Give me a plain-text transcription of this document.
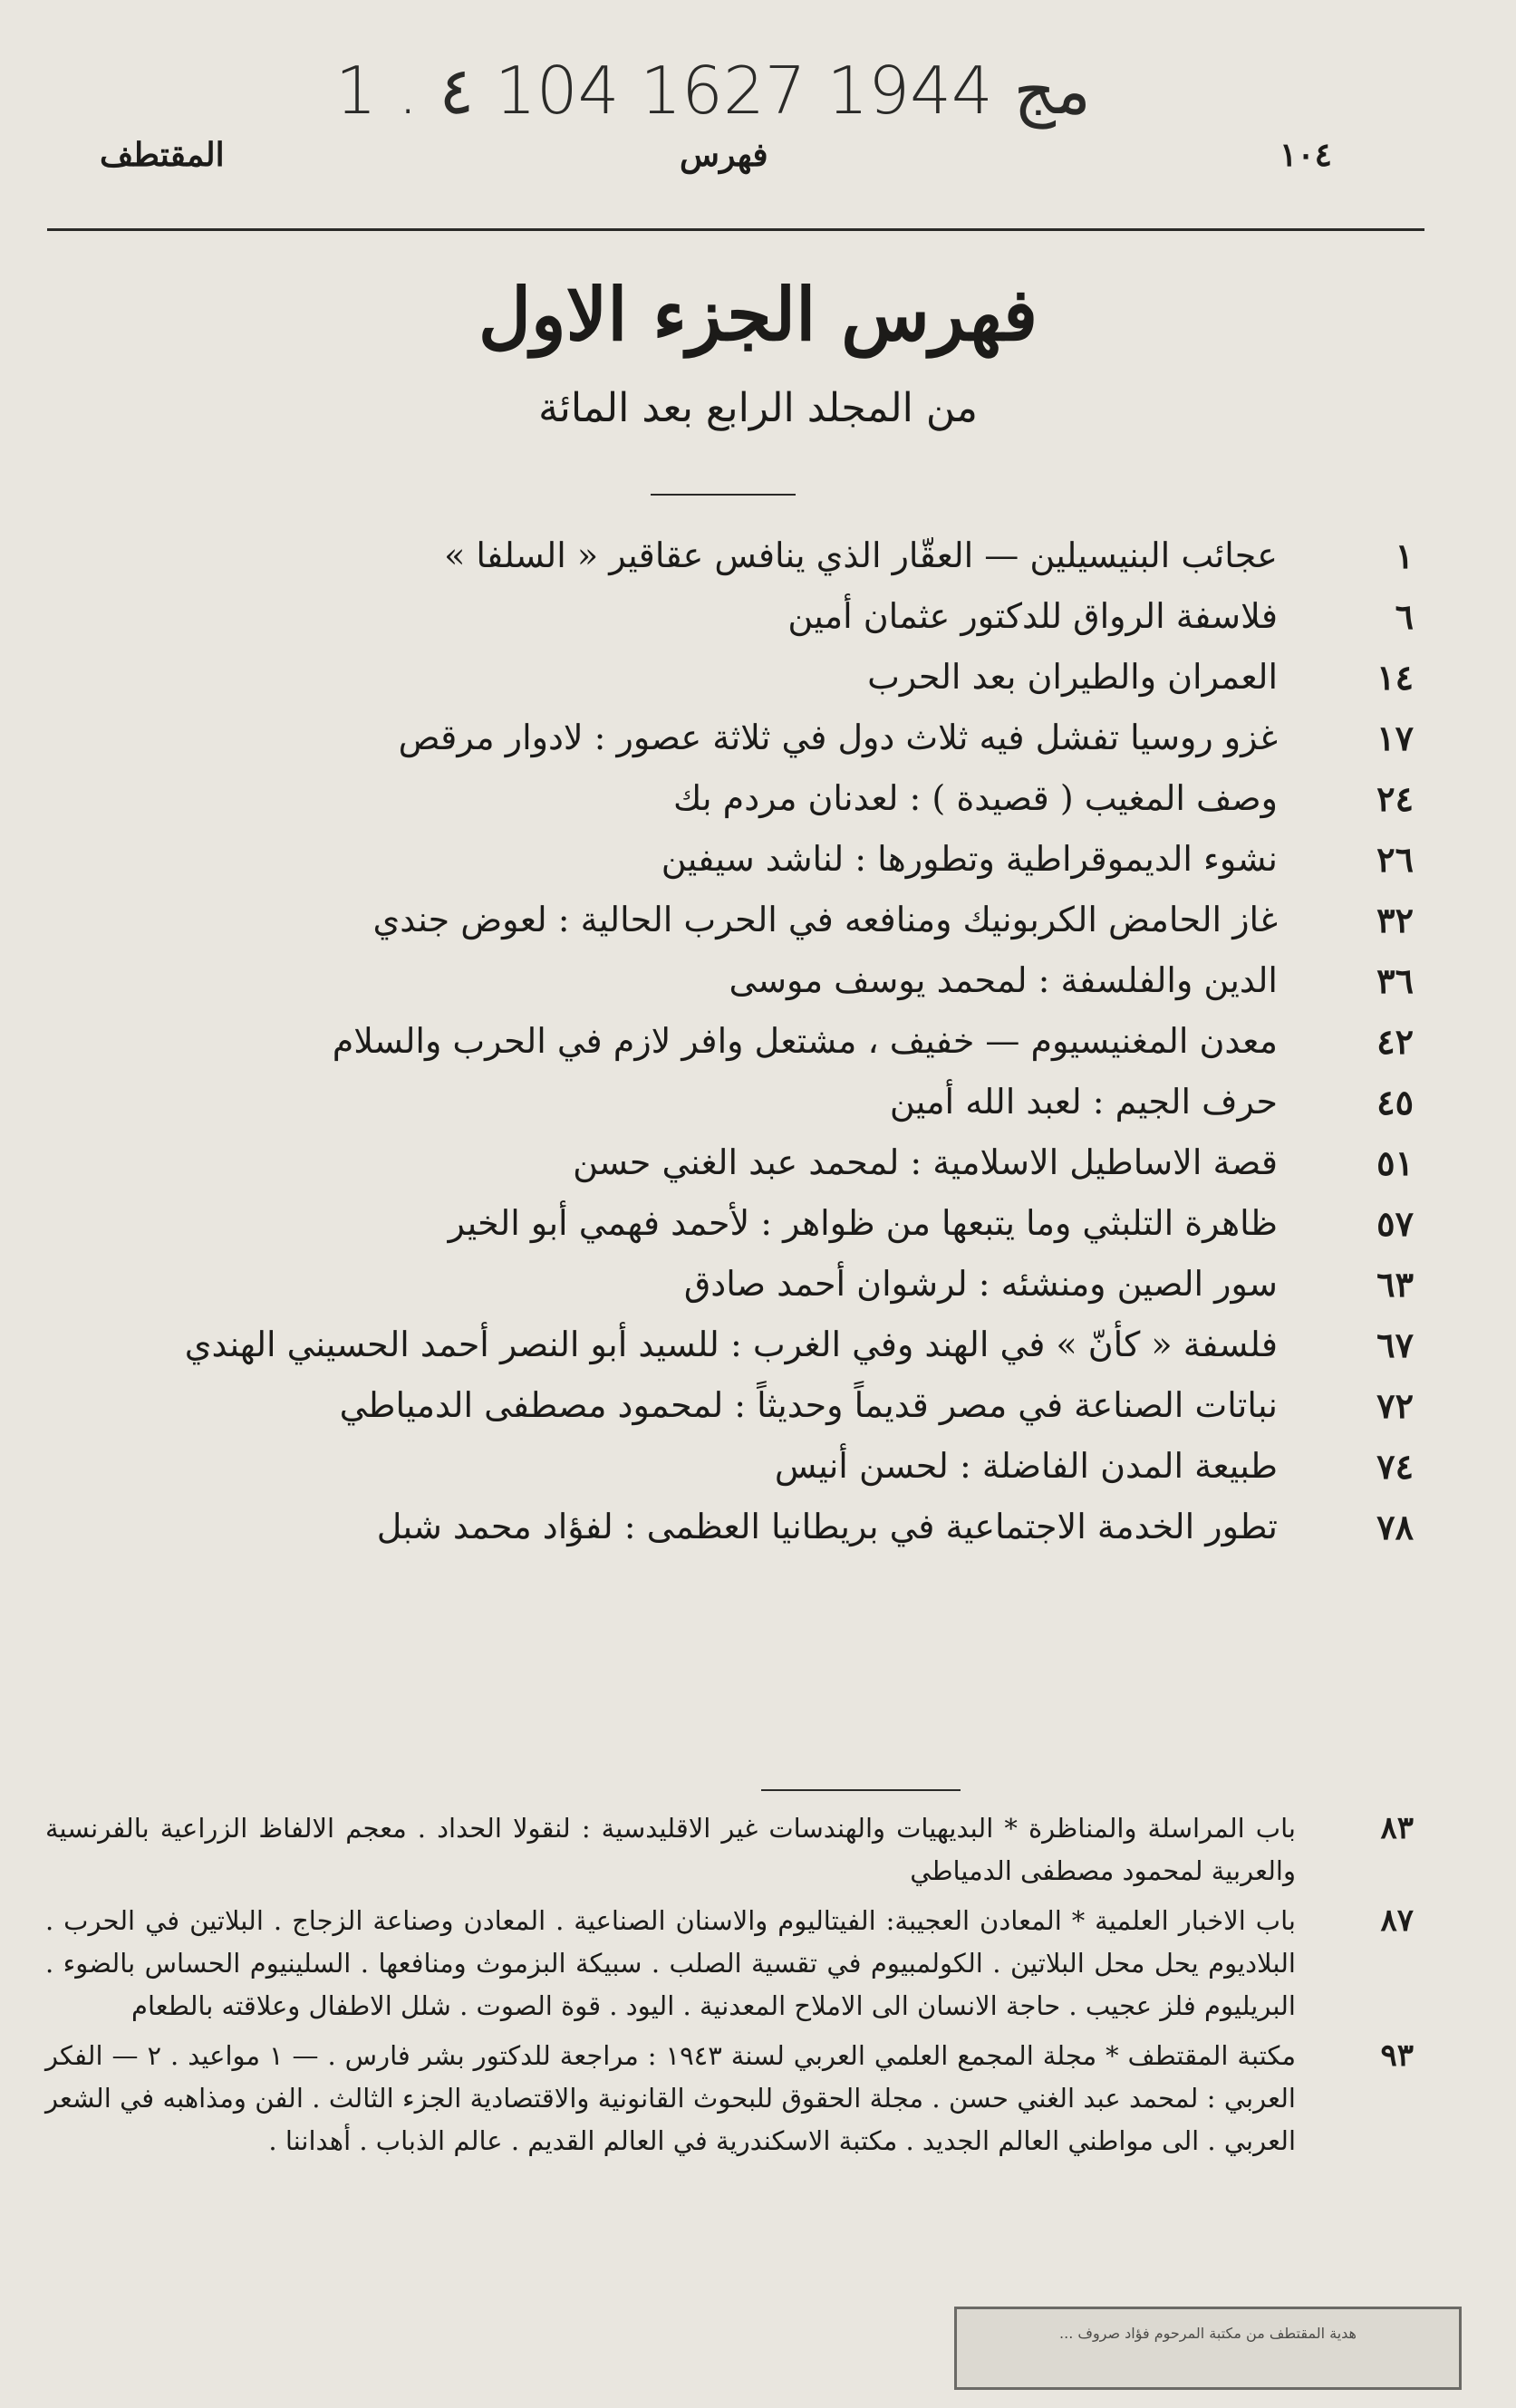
1 . ٤ 104 مج 1944 1627
١٠٤
فهرس
المقتطف
فهرس الجزء الاول
من المجلد الرابع بعد المائة
١
عجائب البنيسيلين — العقّار الذي ينافس عقاقير « السلفا »
٦
فلاسفة الرواق للدكتور عثمان أمين
١٤
العمران والطيران بعد الحرب
١٧
غزو روسيا تفشل فيه ثلاث دول في ثلاثة عصور : لادوار مرقص
٢٤
وصف المغيب ( قصيدة ) : لعدنان مردم بك
٢٦
نشوء الديموقراطية وتطورها : لناشد سيفين
٣٢
غاز الحامض الكربونيك ومنافعه في الحرب الحالية : لعوض جندي
٣٦
الدين والفلسفة : لمحمد يوسف موسى
٤٢
معدن المغنيسيوم — خفيف ، مشتعل وافر لازم في الحرب والسلام
٤٥
حرف الجيم : لعبد الله أمين
٥١
قصة الاساطيل الاسلامية : لمحمد عبد الغني حسن
٥٧
ظاهرة التلبثي وما يتبعها من ظواهر : لأحمد فهمي أبو الخير
٦٣
سور الصين ومنشئه : لرشوان أحمد صادق
٦٧
فلسفة « كأنّ » في الهند وفي الغرب : للسيد أبو النصر أحمد الحسيني الهندي
٧٢
نباتات الصناعة في مصر قديماً وحديثاً : لمحمود مصطفى الدمياطي
٧٤
طبيعة المدن الفاضلة : لحسن أنيس
٧٨
تطور الخدمة الاجتماعية في بريطانيا العظمى : لفؤاد محمد شبل
٨٣
باب المراسلة والمناظرة * البديهيات والهندسات غير الاقليدسية : لنقولا الحداد . معجم الالفاظ الزراعية بالفرنسية والعربية لمحمود مصطفى الدمياطي
٨٧
باب الاخبار العلمية * المعادن العجيبة: الفيتاليوم والاسنان الصناعية . المعادن وصناعة الزجاج . البلاتين في الحرب . البلاديوم يحل محل البلاتين . الكولمبيوم في تقسية الصلب . سبيكة البزموث ومنافعها . السلينيوم الحساس بالضوء . البريليوم فلز عجيب . حاجة الانسان الى الاملاح المعدنية . اليود . قوة الصوت . شلل الاطفال وعلاقته بالطعام
٩٣
مكتبة المقتطف * مجلة المجمع العلمي العربي لسنة ١٩٤٣ : مراجعة للدكتور بشر فارس . — ١ مواعيد . ٢ — الفكر العربي : لمحمد عبد الغني حسن . مجلة الحقوق للبحوث القانونية والاقتصادية الجزء الثالث . الفن ومذاهبه في الشعر العربي . الى مواطني العالم الجديد . مكتبة الاسكندرية في العالم القديم . عالم الذباب . أهداننا .
هدية المقتطف من مكتبة المرحوم فؤاد صروف ...
